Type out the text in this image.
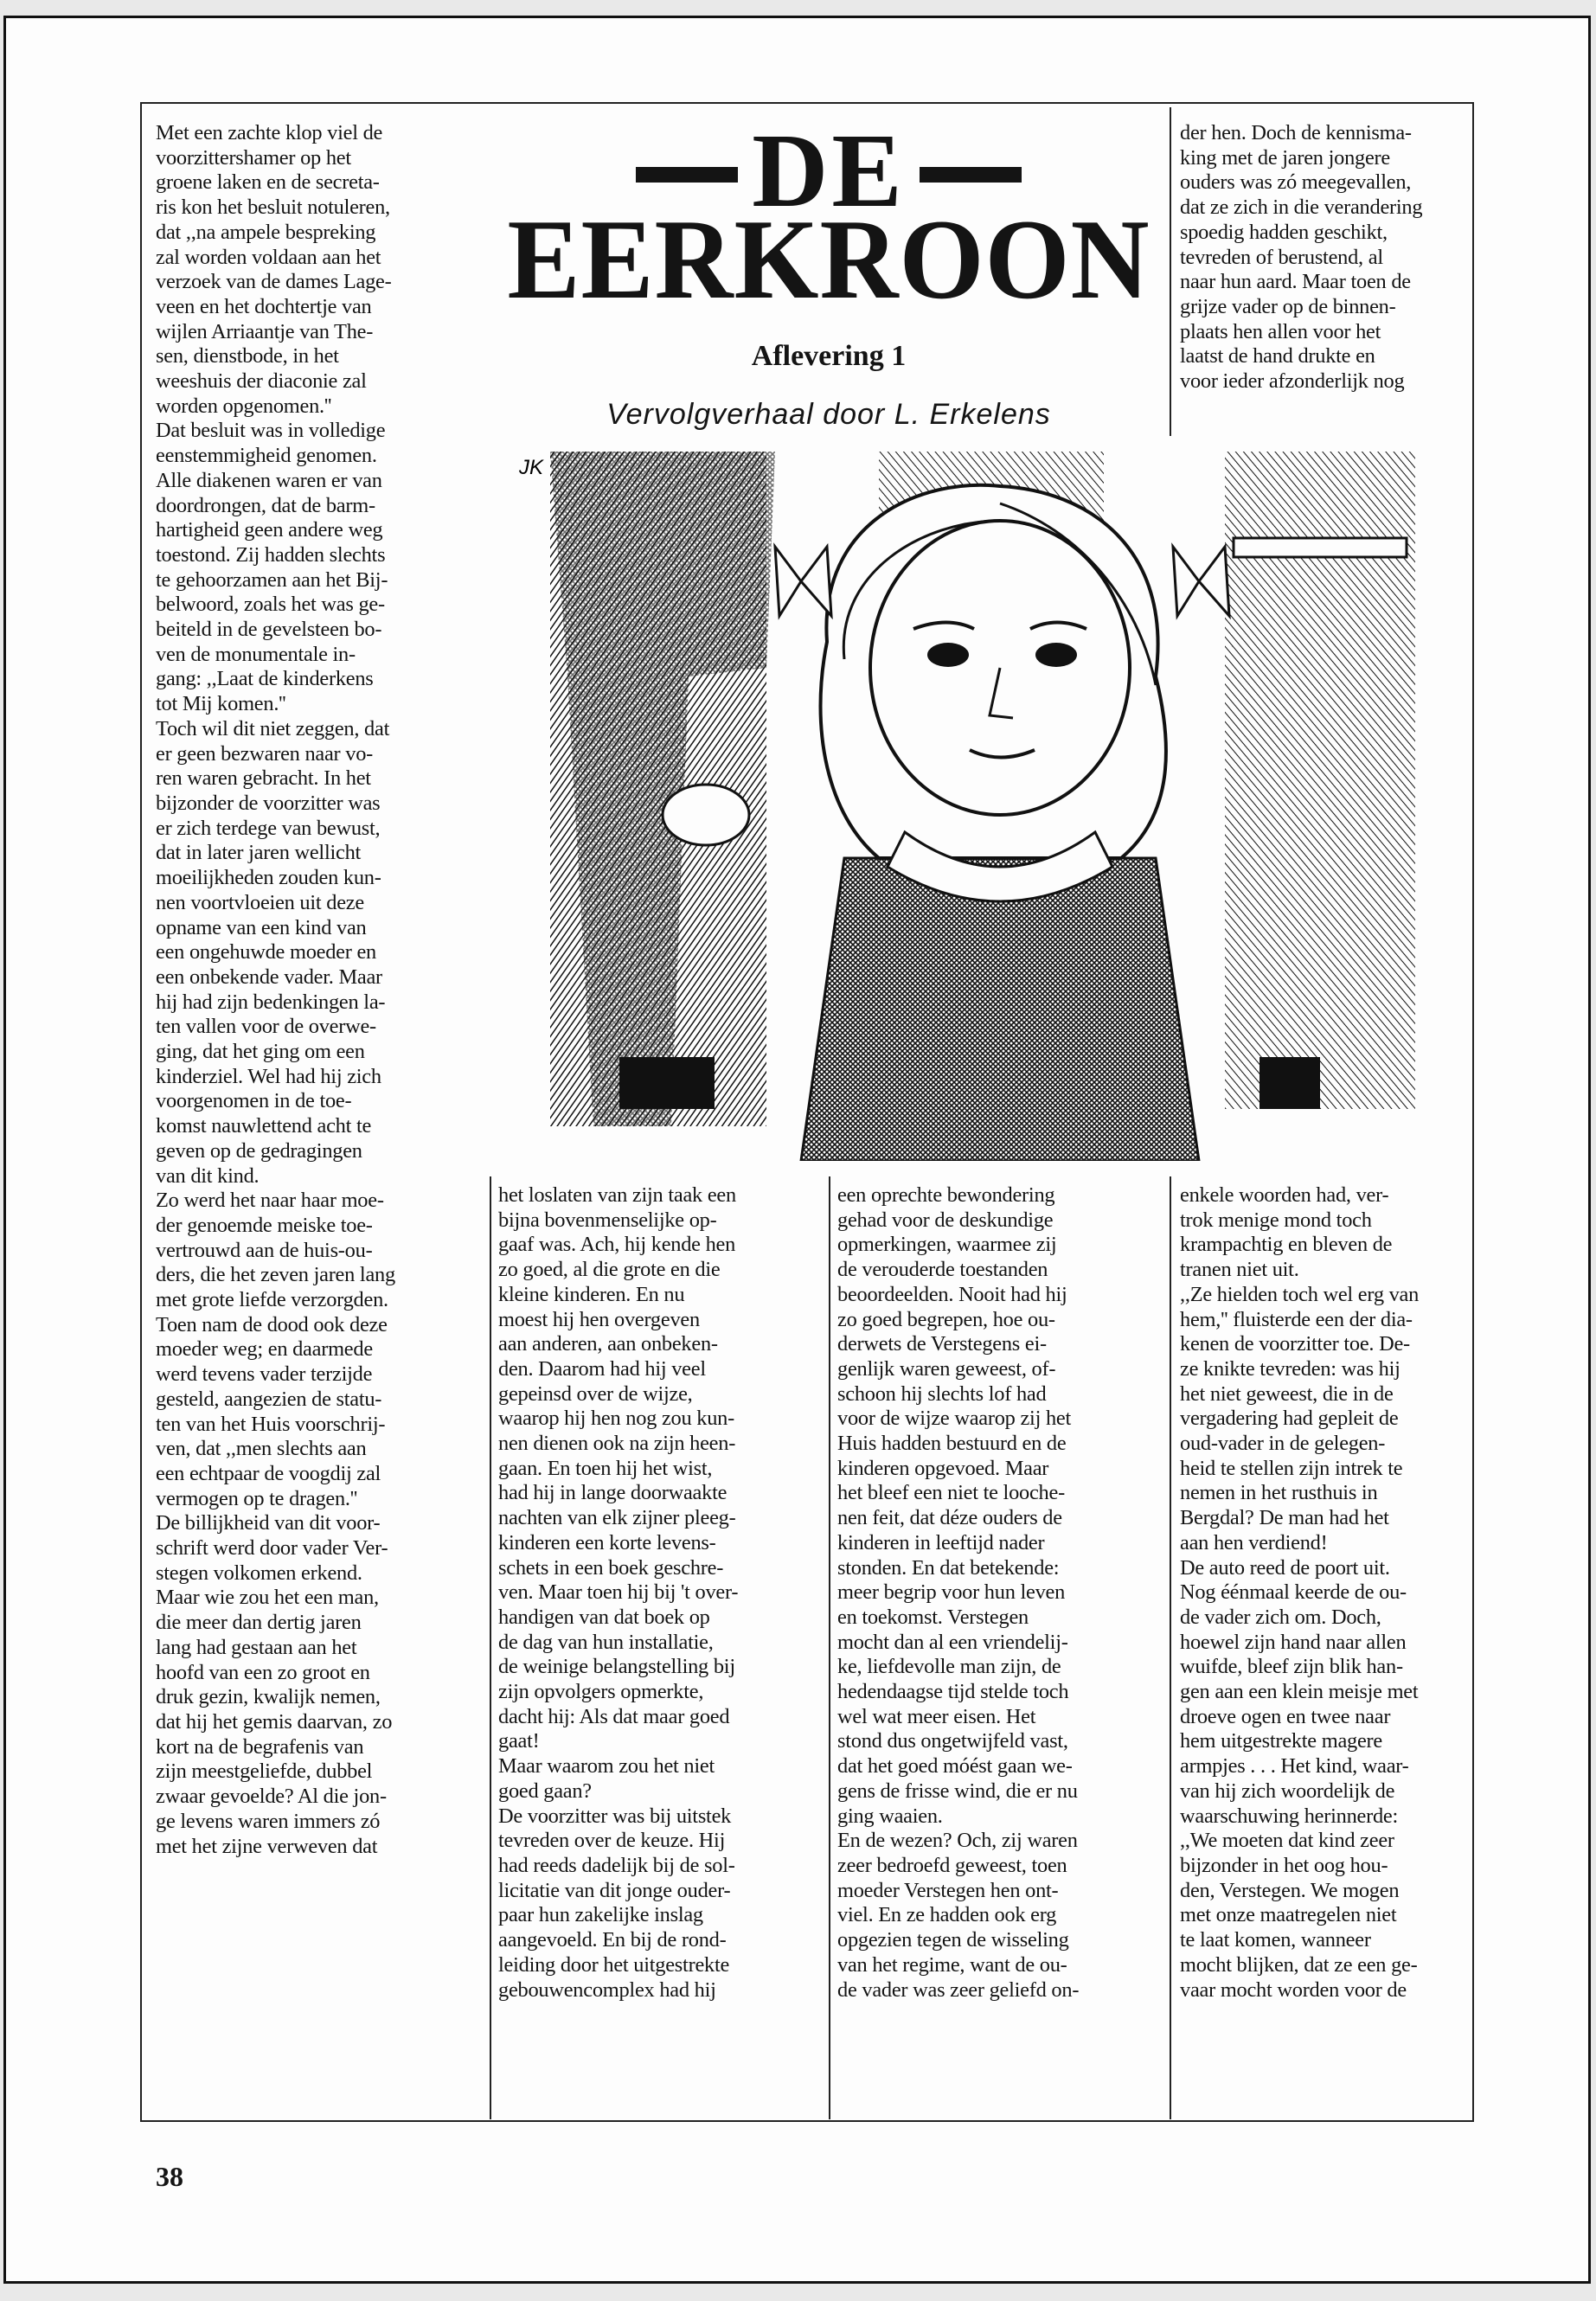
Met een zachte klop viel de
voorzittershamer op het
groene laken en de secreta-
ris kon het besluit notuleren,
dat ,,na ampele bespreking
zal worden voldaan aan het
verzoek van de dames Lage-
veen en het dochtertje van
wijlen Arriaantje van The-
sen, dienstbode, in het
weeshuis der diaconie zal
worden opgenomen.''
Dat besluit was in volledige
eenstemmigheid genomen.
Alle diakenen waren er van
doordrongen, dat de barm-
hartigheid geen andere weg
toestond. Zij hadden slechts
te gehoorzamen aan het Bij-
belwoord, zoals het was ge-
beiteld in de gevelsteen bo-
ven de monumentale in-
gang: ,,Laat de kinderkens
tot Mij komen.''
Toch wil dit niet zeggen, dat
er geen bezwaren naar vo-
ren waren gebracht. In het
bijzonder de voorzitter was
er zich terdege van bewust,
dat in later jaren wellicht
moeilijkheden zouden kun-
nen voortvloeien uit deze
opname van een kind van
een ongehuwde moeder en
een onbekende vader. Maar
hij had zijn bedenkingen la-
ten vallen voor de overwe-
ging, dat het ging om een
kinderziel. Wel had hij zich
voorgenomen in de toe-
komst nauwlettend acht te
geven op de gedragingen
van dit kind.
Zo werd het naar haar moe-
der genoemde meiske toe-
vertrouwd aan de huis-ou-
ders, die het zeven jaren lang
met grote liefde verzorgden.
Toen nam de dood ook deze
moeder weg; en daarmede
werd tevens vader terzijde
gesteld, aangezien de statu-
ten van het Huis voorschrij-
ven, dat ,,men slechts aan
een echtpaar de voogdij zal
vermogen op te dragen.''
De billijkheid van dit voor-
schrift werd door vader Ver-
stegen volkomen erkend.
Maar wie zou het een man,
die meer dan dertig jaren
lang had gestaan aan het
hoofd van een zo groot en
druk gezin, kwalijk nemen,
dat hij het gemis daarvan, zo
kort na de begrafenis van
zijn meestgeliefde, dubbel
zwaar gevoelde? Al die jon-
ge levens waren immers zó
met het zijne verweven dat
DE
EERKROON
Aflevering 1
Vervolgverhaal door L. Erkelens
der hen. Doch de kennisma-
king met de jaren jongere
ouders was zó meegevallen,
dat ze zich in die verandering
spoedig hadden geschikt,
tevreden of berustend, al
naar hun aard. Maar toen de
grijze vader op de binnen-
plaats hen allen voor het
laatst de hand drukte en
voor ieder afzonderlijk nog
JK
het loslaten van zijn taak een
bijna bovenmenselijke op-
gaaf was. Ach, hij kende hen
zo goed, al die grote en die
kleine kinderen. En nu
moest hij hen overgeven
aan anderen, aan onbeken-
den. Daarom had hij veel
gepeinsd over de wijze,
waarop hij hen nog zou kun-
nen dienen ook na zijn heen-
gaan. En toen hij het wist,
had hij in lange doorwaakte
nachten van elk zijner pleeg-
kinderen een korte levens-
schets in een boek geschre-
ven. Maar toen hij bij 't over-
handigen van dat boek op
de dag van hun installatie,
de weinige belangstelling bij
zijn opvolgers opmerkte,
dacht hij: Als dat maar goed
gaat!
Maar waarom zou het niet
goed gaan?
De voorzitter was bij uitstek
tevreden over de keuze. Hij
had reeds dadelijk bij de sol-
licitatie van dit jonge ouder-
paar hun zakelijke inslag
aangevoeld. En bij de rond-
leiding door het uitgestrekte
gebouwencomplex had hij
een oprechte bewondering
gehad voor de deskundige
opmerkingen, waarmee zij
de verouderde toestanden
beoordeelden. Nooit had hij
zo goed begrepen, hoe ou-
derwets de Verstegens ei-
genlijk waren geweest, of-
schoon hij slechts lof had
voor de wijze waarop zij het
Huis hadden bestuurd en de
kinderen opgevoed. Maar
het bleef een niet te looche-
nen feit, dat déze ouders de
kinderen in leeftijd nader
stonden. En dat betekende:
meer begrip voor hun leven
en toekomst. Verstegen
mocht dan al een vriendelij-
ke, liefdevolle man zijn, de
hedendaagse tijd stelde toch
wel wat meer eisen. Het
stond dus ongetwijfeld vast,
dat het goed móést gaan we-
gens de frisse wind, die er nu
ging waaien.
En de wezen? Och, zij waren
zeer bedroefd geweest, toen
moeder Verstegen hen ont-
viel. En ze hadden ook erg
opgezien tegen de wisseling
van het regime, want de ou-
de vader was zeer geliefd on-
enkele woorden had, ver-
trok menige mond toch
krampachtig en bleven de
tranen niet uit.
,,Ze hielden toch wel erg van
hem,'' fluisterde een der dia-
kenen de voorzitter toe. De-
ze knikte tevreden: was hij
het niet geweest, die in de
vergadering had gepleit de
oud-vader in de gelegen-
heid te stellen zijn intrek te
nemen in het rusthuis in
Bergdal? De man had het
aan hen verdiend!
De auto reed de poort uit.
Nog éénmaal keerde de ou-
de vader zich om. Doch,
hoewel zijn hand naar allen
wuifde, bleef zijn blik han-
gen aan een klein meisje met
droeve ogen en twee naar
hem uitgestrekte magere
armpjes . . . Het kind, waar-
van hij zich woordelijk de
waarschuwing herinnerde:
,,We moeten dat kind zeer
bijzonder in het oog hou-
den, Verstegen. We mogen
met onze maatregelen niet
te laat komen, wanneer
mocht blijken, dat ze een ge-
vaar mocht worden voor de
38
